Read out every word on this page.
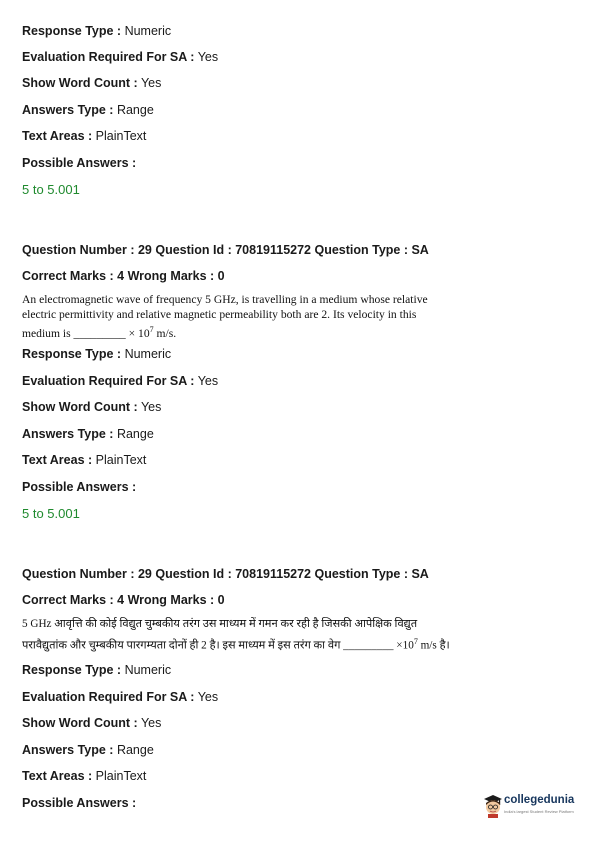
Response Type : Numeric
Evaluation Required For SA : Yes
Show Word Count : Yes
Answers Type : Range
Text Areas : PlainText
Possible Answers :
5 to 5.001
Question Number : 29 Question Id : 70819115272 Question Type : SA
Correct Marks : 4 Wrong Marks : 0
An electromagnetic wave of frequency 5 GHz, is travelling in a medium whose relative electric permittivity and relative magnetic permeability both are 2. Its velocity in this medium is _________ × $10^7$ m/s.
Response Type : Numeric
Evaluation Required For SA : Yes
Show Word Count : Yes
Answers Type : Range
Text Areas : PlainText
Possible Answers :
5 to 5.001
Question Number : 29 Question Id : 70819115272 Question Type : SA
Correct Marks : 4 Wrong Marks : 0
5 GHz आवृत्ति की कोई विद्युत चुम्बकीय तरंग उस माध्यम में गमन कर रही है जिसकी आपेक्षिक विद्युत परावैद्युतांक और चुम्बकीय पारगम्यता दोनों ही 2 है। इस माध्यम में इस तरंग का वेग _________ $\times 10^7$ m/s है।
Response Type : Numeric
Evaluation Required For SA : Yes
Show Word Count : Yes
Answers Type : Range
Text Areas : PlainText
Possible Answers :	collegedunia
India's largest Student Review Platform
